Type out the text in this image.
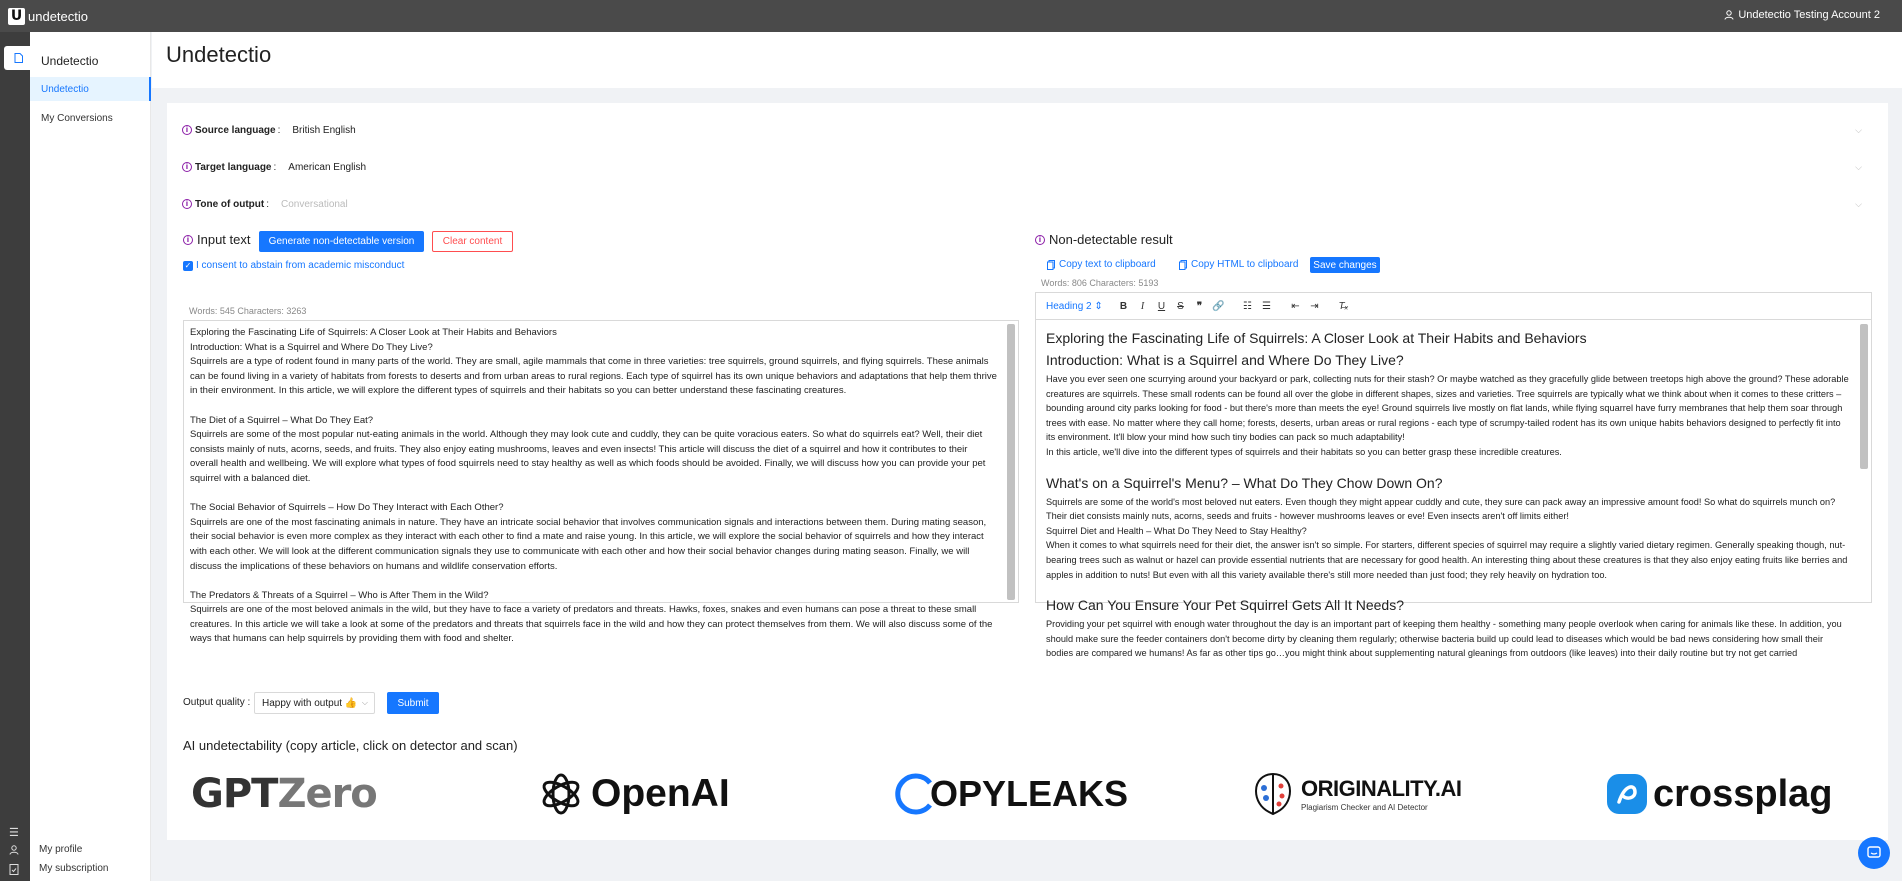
U undetectio	Undetectio Testing Account 2
☰
Undetectio
Undetectio
My Conversions
My profile
My subscription
Undetectio
i Source language : British English	⌵
i Target language : American English	⌵
i Tone of output : Conversational	⌵
i Input text	Generate non-detectable version	Clear content
✓ I consent to abstain from academic misconduct
Words: 545 Characters: 3263

Exploring the Fascinating Life of Squirrels: A Closer Look at Their Habits and Behaviors

Introduction: What is a Squirrel and Where Do They Live?

Squirrels are a type of rodent found in many parts of the world. They are small, agile mammals that come in three varieties: tree squirrels, ground squirrels, and flying squirrels. These animals can be found living in a variety of habitats from forests to deserts and from urban areas to rural regions. Each type of squirrel has its own unique behaviors and adaptations that help them thrive in their environment. In this article, we will explore the different types of squirrels and their habitats so you can better understand these fascinating creatures.

The Diet of a Squirrel – What Do They Eat?

Squirrels are some of the most popular nut-eating animals in the world. Although they may look cute and cuddly, they can be quite voracious eaters. So what do squirrels eat? Well, their diet consists mainly of nuts, acorns, seeds, and fruits. They also enjoy eating mushrooms, leaves and even insects! This article will discuss the diet of a squirrel and how it contributes to their overall health and wellbeing. We will explore what types of food squirrels need to stay healthy as well as which foods should be avoided. Finally, we will discuss how you can provide your pet squirrel with a balanced diet.

The Social Behavior of Squirrels – How Do They Interact with Each Other?

Squirrels are one of the most fascinating animals in nature. They have an intricate social behavior that involves communication signals and interactions between them. During mating season, their social behavior is even more complex as they interact with each other to find a mate and raise young. In this article, we will explore the social behavior of squirrels and how they interact with each other. We will look at the different communication signals they use to communicate with each other and how their social behavior changes during mating season. Finally, we will discuss the implications of these behaviors on humans and wildlife conservation efforts.

The Predators & Threats of a Squirrel – Who is After Them in the Wild?

Squirrels are one of the most beloved animals in the wild, but they have to face a variety of predators and threats. Hawks, foxes, snakes and even humans can pose a threat to these small creatures. In this article we will take a look at some of the predators and threats that squirrels face in the wild and how they can protect themselves from them. We will also discuss some of the ways that humans can help squirrels by providing them with food and shelter.

i Non-detectable result
Copy text to clipboard	Copy HTML to clipboard	Save changes
Words: 806 Characters: 5193
Heading 2 ⇕	B	I	U	S	❞	🔗	☷	☰	⇤	⇥	T̶ₓ
Exploring the Fascinating Life of Squirrels: A Closer Look at Their Habits and Behaviors
Introduction: What is a Squirrel and Where Do They Live?

Have you ever seen one scurrying around your backyard or park, collecting nuts for their stash? Or maybe watched as they gracefully glide between treetops high above the ground? These adorable creatures are squirrels. These small rodents can be found all over the globe in different shapes, sizes and varieties. Tree squirrels are typically what we think about when it comes to these critters – bounding around city parks looking for food - but there's more than meets the eye! Ground squirrels live mostly on flat lands, while flying squarrel have furry membranes that help them soar through trees with ease. No matter where they call home; forests, deserts, urban areas or rural regions - each type of scrumpy-tailed rodent has its own unique habits behaviors designed to perfectly fit into its environment. It'll blow your mind how such tiny bodies can pack so much adaptability!

In this article, we'll dive into the different types of squirrels and their habitats so you can better grasp these incredible creatures.

What's on a Squirrel's Menu? – What Do They Chow Down On?

Squirrels are some of the world's most beloved nut eaters. Even though they might appear cuddly and cute, they sure can pack away an impressive amount food! So what do squirrels munch on? Their diet consists mainly nuts, acorns, seeds and fruits - however mushrooms leaves or eve! Even insects aren't off limits either!

Squirrel Diet and Health – What Do They Need to Stay Healthy?

When it comes to what squirrels need for their diet, the answer isn't so simple. For starters, different species of squirrel may require a slightly varied dietary regimen. Generally speaking though, nut-bearing trees such as walnut or hazel can provide essential nutrients that are necessary for good health. An interesting thing about these creatures is that they also enjoy eating fruits like berries and apples in addition to nuts! But even with all this variety available there's still more needed than just food; they rely heavily on hydration too.

How Can You Ensure Your Pet Squirrel Gets All It Needs?

Providing your pet squirrel with enough water throughout the day is an important part of keeping them healthy - something many people overlook when caring for animals like these. In addition, you should make sure the feeder containers don't become dirty by cleaning them regularly; otherwise bacteria build up could lead to diseases which would be bad news considering how small their bodies are compared we humans! As far as other tips go…you might think about supplementing natural gleanings from outdoors (like leaves) into their daily routine but try not get carried

Output quality : Happy with output 👍 ⌵	Submit
AI undetectability (copy article, click on detector and scan)
GPT Zero	OpenAI	OPYLEAKS	ORIGINALITY.AI
Plagiarism Checker and AI Detector	crossplag
